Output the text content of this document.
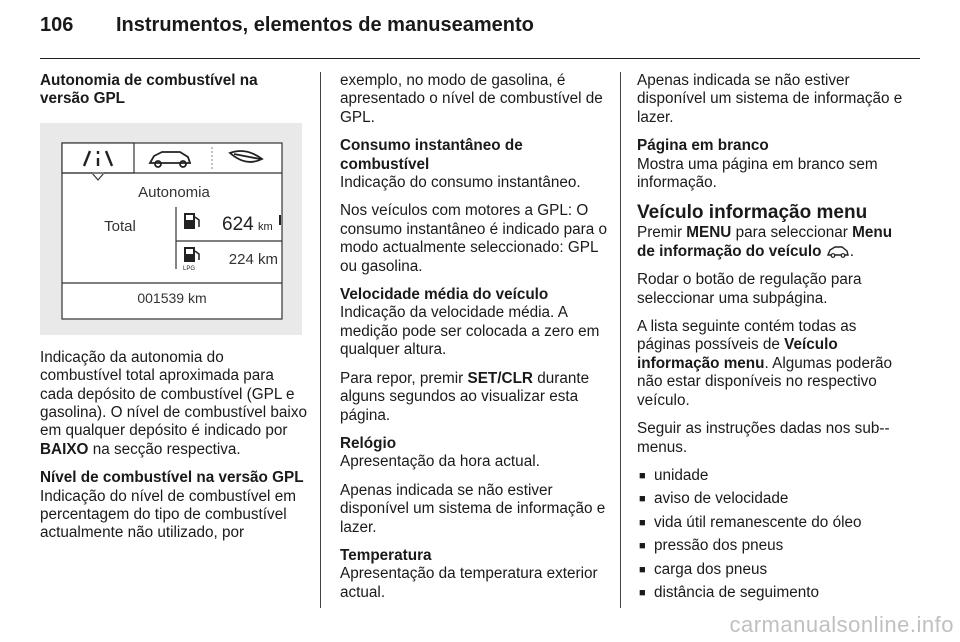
106 Instrumentos, elementos de manuseamento
Autonomia de combustível na versão GPL
Autonomia
Total	624 km
LPG
224 km
001539 km

Indicação da autonomia do combustível total aproximada para cada depósito de combustível (GPL e gasolina). O nível de combustível baixo em qualquer depósito é indicado por BAIXO na secção respectiva.

Nível de combustível na versão GPL
Indicação do nível de combustível em percentagem do tipo de combustível actualmente não utilizado, por

exemplo, no modo de gasolina, é apresentado o nível de combustível de GPL.

Consumo instantâneo de combustível

Indicação do consumo instantâneo.

Nos veículos com motores a GPL: O consumo instantâneo é indicado para o modo actualmente seleccionado: GPL ou gasolina.

Velocidade média do veículo

Indicação da velocidade média. A medição pode ser colocada a zero em qualquer altura.

Para repor, premir SET/CLR durante alguns segundos ao visualizar esta página.

Relógio

Apresentação da hora actual.

Apenas indicada se não estiver disponível um sistema de informação e lazer.

Temperatura
Apresentação da temperatura exterior actual.

Apenas indicada se não estiver disponível um sistema de informação e lazer.

Página em branco

Mostra uma página em branco sem informação.

Veículo informação menu

Premir MENU para seleccionar Menu de informação do veículo .

Rodar o botão de regulação para seleccionar uma subpágina.

A lista seguinte contém todas as páginas possíveis de Veículo informação menu. Algumas poderão não estar disponíveis no respectivo veículo.

Seguir as instruções dadas nos sub--menus.

■ unidade
■ aviso de velocidade
■ vida útil remanescente do óleo
■ pressão dos pneus
■ carga dos pneus
■ distância de seguimento
carmanualsonline.info
